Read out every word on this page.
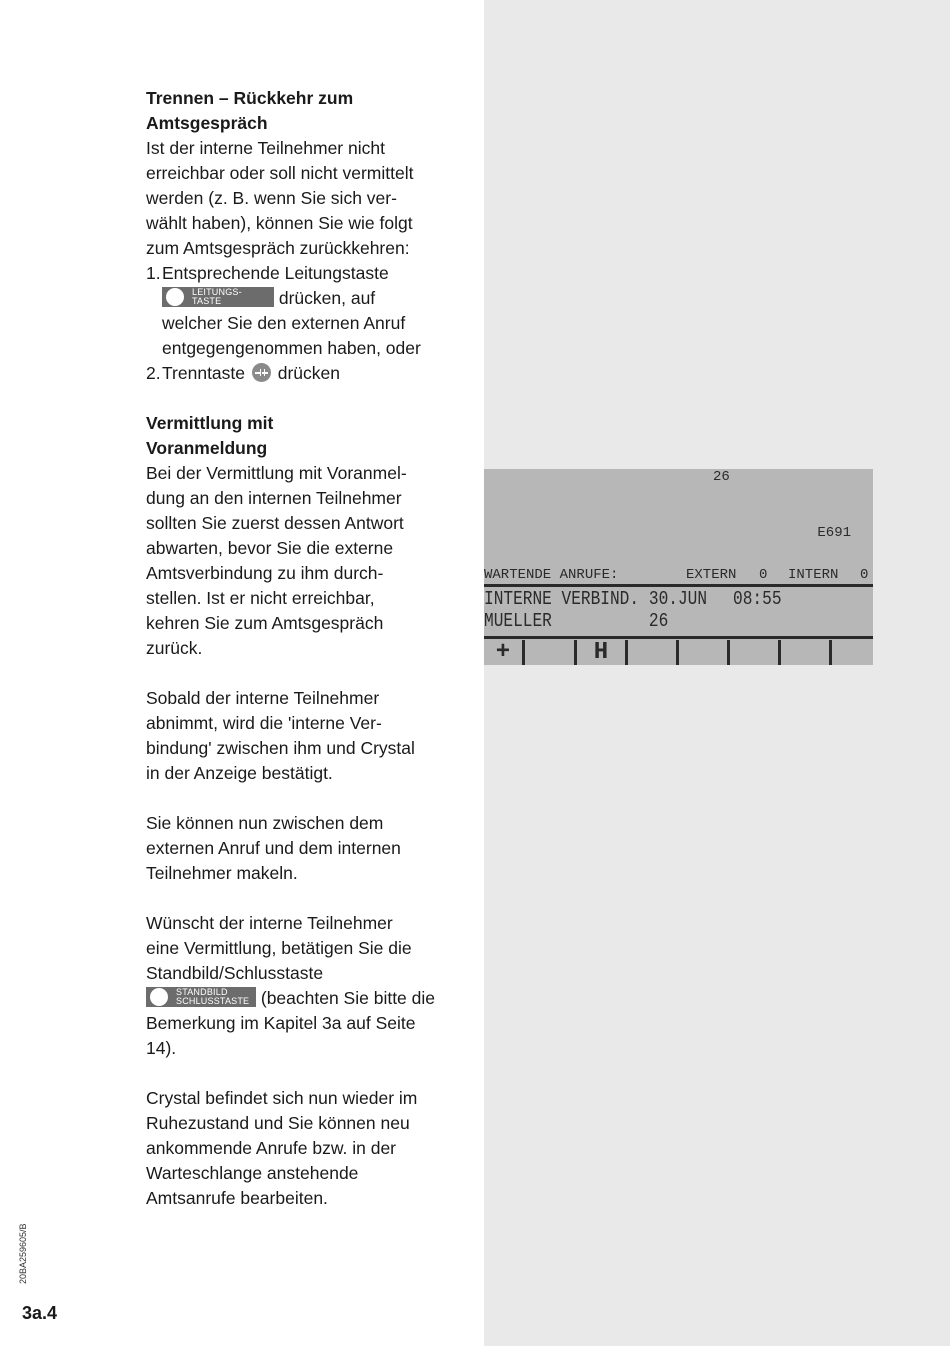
Trennen – Rückkehr zum
Amtsgespräch

Ist der interne Teilnehmer nicht
erreichbar oder soll nicht vermittelt
werden (z. B. wenn Sie sich ver-
wählt haben), können Sie wie folgt
zum Amtsgespräch zurückkehren:

1. Entsprechende Leitungstaste

LEITUNGS-
TASTE	drücken, auf
welcher Sie den externen Anruf
entgegengenommen haben, oder
2. Trenntaste
drücken

Vermittlung mit
Voranmeldung

Bei der Vermittlung mit Voranmel-
dung an den internen Teilnehmer
sollten Sie zuerst dessen Antwort
abwarten, bevor Sie die externe
Amtsverbindung zu ihm durch-
stellen. Ist er nicht erreichbar,
kehren Sie zum Amtsgespräch
zurück.

Sobald der interne Teilnehmer
abnimmt, wird die 'interne Ver-
bindung' zwischen ihm und Crystal
in der Anzeige bestätigt.

Sie können nun zwischen dem
externen Anruf und dem internen
Teilnehmer makeln.

Wünscht der interne Teilnehmer
eine Vermittlung, betätigen Sie die
Standbild/Schlusstaste

STANDBILD
SCHLUSSTASTE (beachten Sie bitte die
Bemerkung im Kapitel 3a auf Seite
14).

Crystal befindet sich nun wieder im
Ruhezustand und Sie können neu
ankommende Anrufe bzw. in der
Warteschlange anstehende
Amtsanrufe bearbeiten.

26
E691
WARTENDE ANRUFE:	EXTERN 0 INTERN 0

INTERNE VERBIND.

30.JUN

08:55

MUELLER

	26

+	H
20BA259605/B
3a.4
